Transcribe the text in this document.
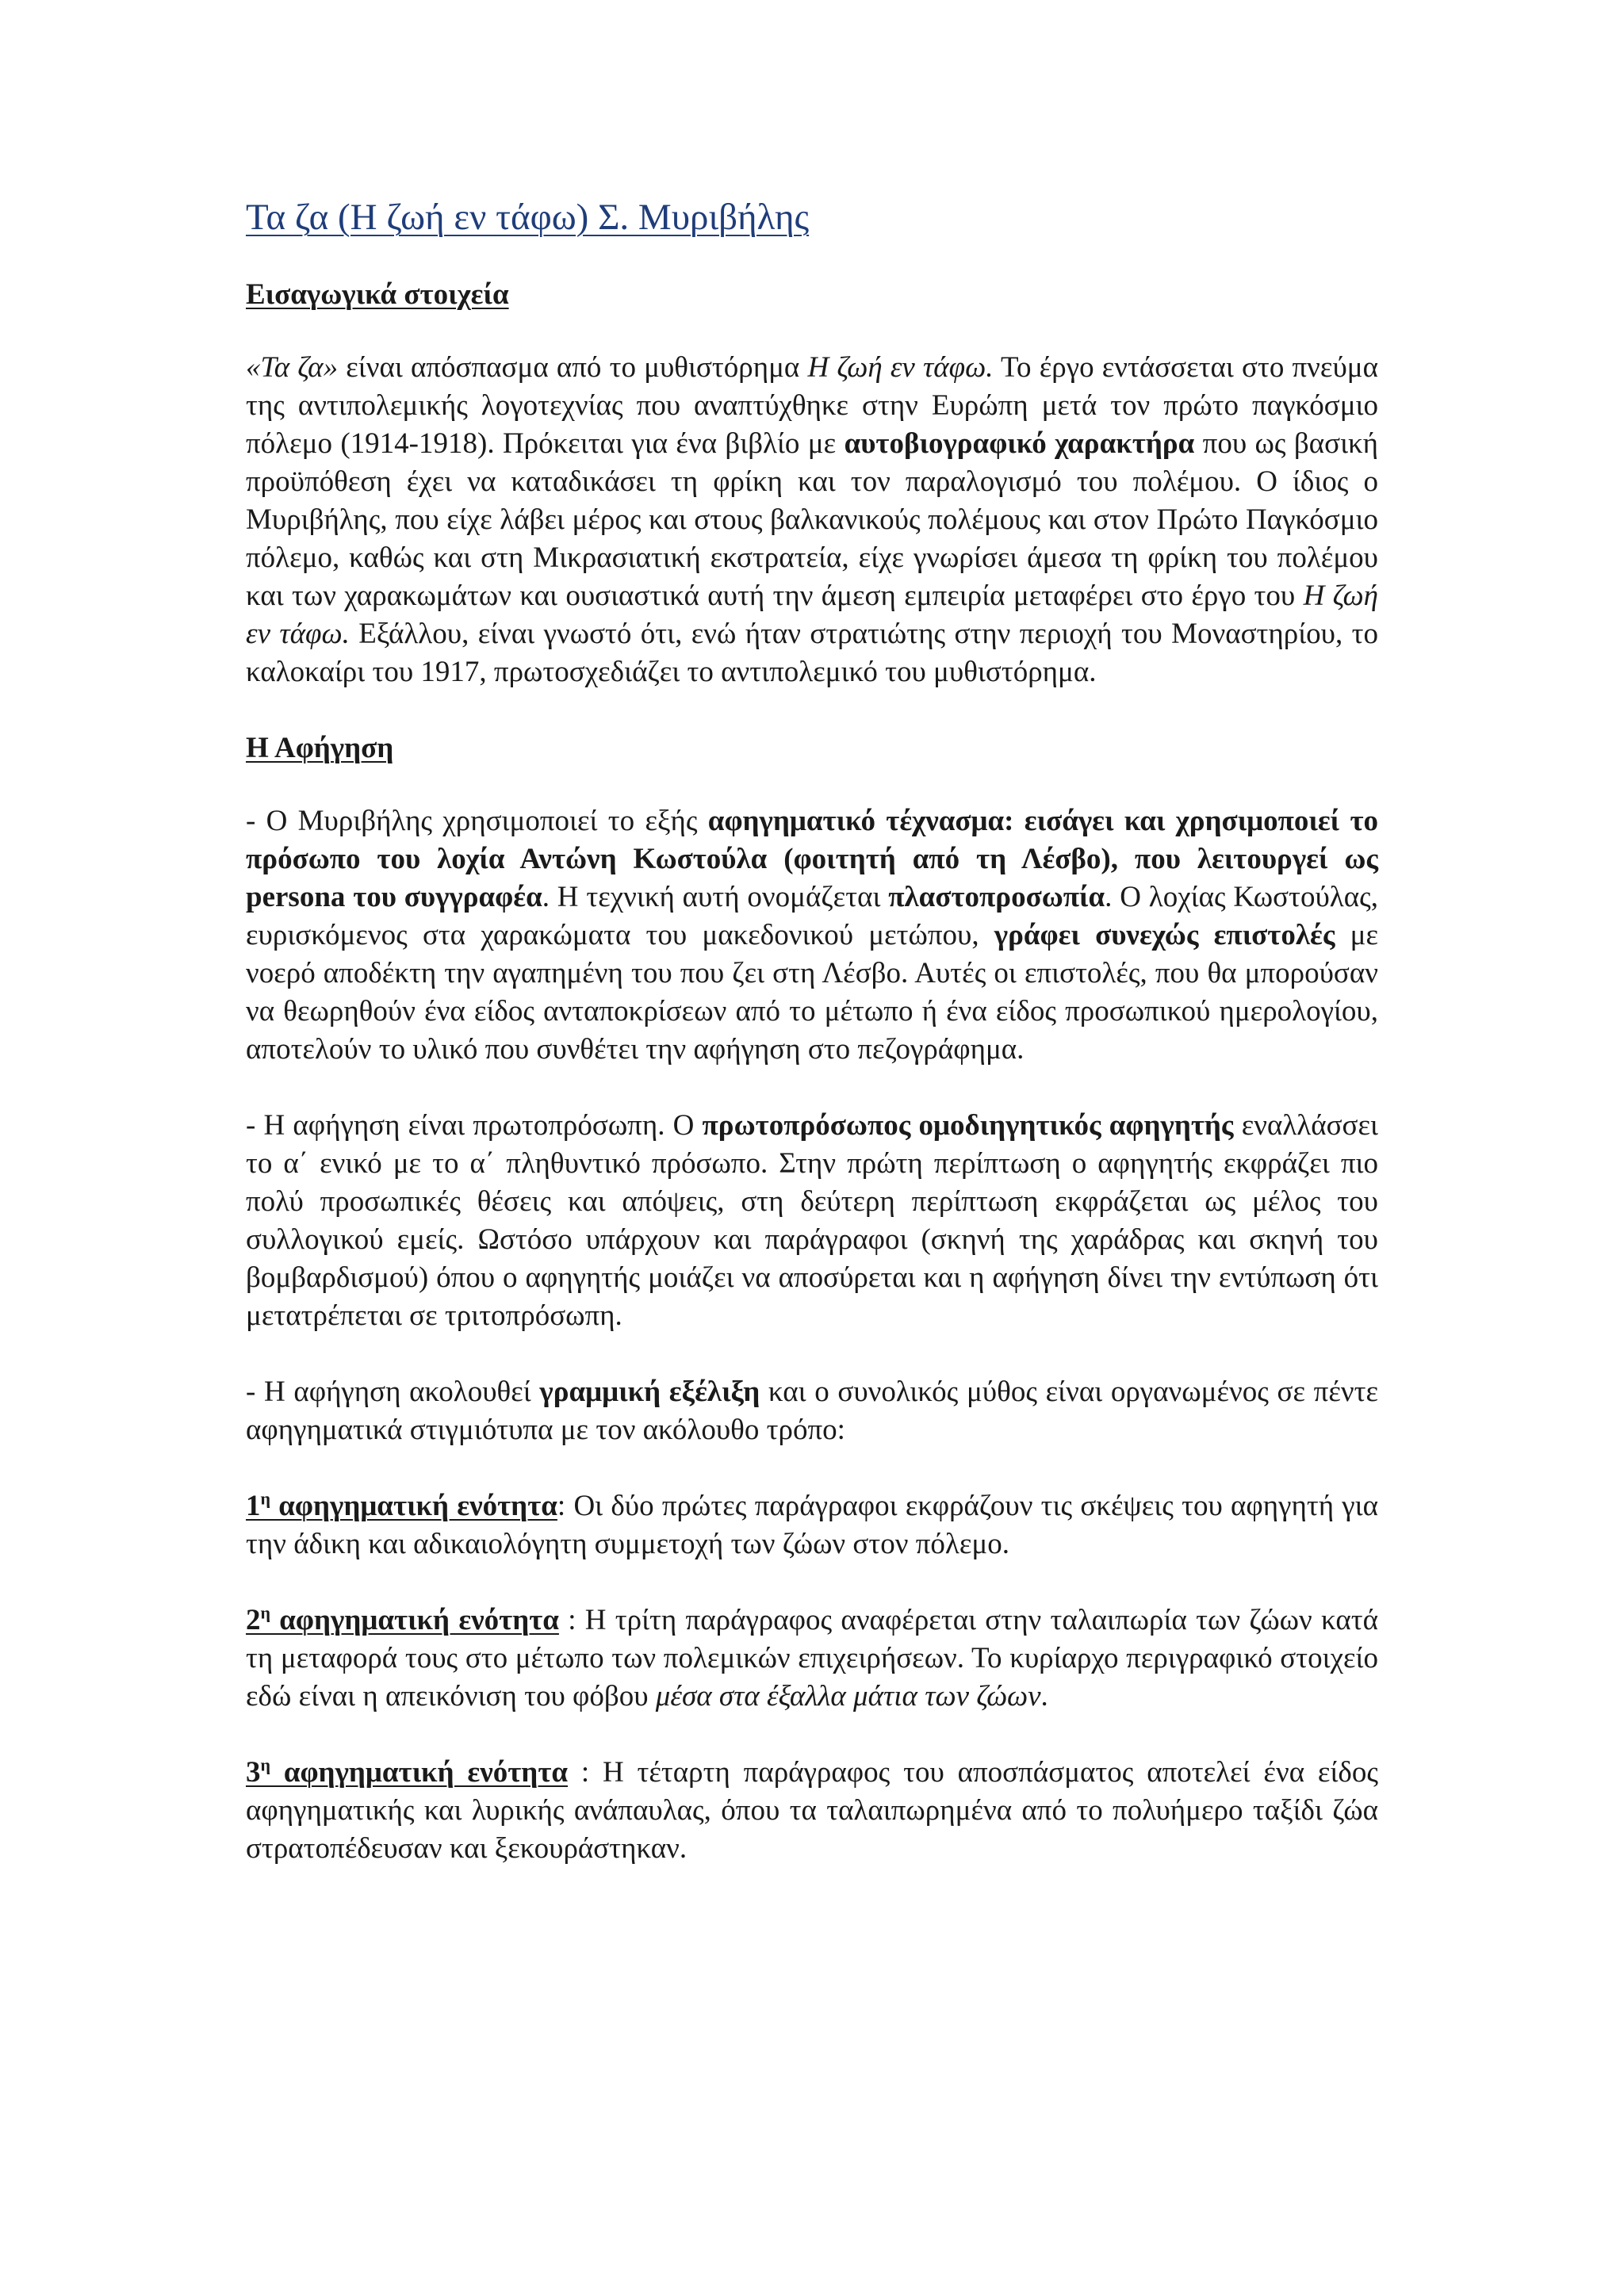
Τα ζα (Η ζωή εν τάφω) Σ. Μυριβήλης
Εισαγωγικά στοιχεία

«Τα ζα» είναι απόσπασμα από το μυθιστόρημα Η ζωή εν τάφω. Το έργο εντάσσεται στο πνεύμα της αντιπολεμικής λογοτεχνίας που αναπτύχθηκε στην Ευρώπη μετά τον πρώτο παγκόσμιο πόλεμο (1914-1918). Πρόκειται για ένα βιβλίο με αυτοβιογραφικό χαρακτήρα που ως βασική προϋπόθεση έχει να καταδικάσει τη φρίκη και τον παραλογισμό του πολέμου. Ο ίδιος ο Μυριβήλης, που είχε λάβει μέρος και στους βαλκανικούς πολέμους και στον Πρώτο Παγκόσμιο πόλεμο, καθώς και στη Μικρασιατική εκστρατεία, είχε γνωρίσει άμεσα τη φρίκη του πολέμου και των χαρακωμάτων και ουσιαστικά αυτή την άμεση εμπειρία μεταφέρει στο έργο του Η ζωή εν τάφω. Εξάλλου, είναι γνωστό ότι, ενώ ήταν στρατιώτης στην περιοχή του Μοναστηρίου, το καλοκαίρι του 1917, πρωτοσχεδιάζει το αντιπολεμικό του μυθιστόρημα.

Η Αφήγηση

- Ο Μυριβήλης χρησιμοποιεί το εξής αφηγηματικό τέχνασμα: εισάγει και χρησιμοποιεί το πρόσωπο του λοχία Αντώνη Κωστούλα (φοιτητή από τη Λέσβο), που λειτουργεί ως persona του συγγραφέα. Η τεχνική αυτή ονομάζεται πλαστοπροσωπία. Ο λοχίας Κωστούλας, ευρισκόμενος στα χαρακώματα του μακεδονικού μετώπου, γράφει συνεχώς επιστολές με νοερό αποδέκτη την αγαπημένη του που ζει στη Λέσβο. Αυτές οι επιστολές, που θα μπορούσαν να θεωρηθούν ένα είδος ανταποκρίσεων από το μέτωπο ή ένα είδος προσωπικού ημερολογίου, αποτελούν το υλικό που συνθέτει την αφήγηση στο πεζογράφημα.

- Η αφήγηση είναι πρωτοπρόσωπη. Ο πρωτοπρόσωπος ομοδιηγητικός αφηγητής εναλλάσσει το α΄ ενικό με το α΄ πληθυντικό πρόσωπο. Στην πρώτη περίπτωση ο αφηγητής εκφράζει πιο πολύ προσωπικές θέσεις και απόψεις, στη δεύτερη περίπτωση εκφράζεται ως μέλος του συλλογικού εμείς. Ωστόσο υπάρχουν και παράγραφοι (σκηνή της χαράδρας και σκηνή του βομβαρδισμού) όπου ο αφηγητής μοιάζει να αποσύρεται και η αφήγηση δίνει την εντύπωση ότι μετατρέπεται σε τριτοπρόσωπη.

- Η αφήγηση ακολουθεί γραμμική εξέλιξη και ο συνολικός μύθος είναι οργανωμένος σε πέντε αφηγηματικά στιγμιότυπα με τον ακόλουθο τρόπο:

$1^\eta$ αφηγηματική ενότητα: Οι δύο πρώτες παράγραφοι εκφράζουν τις σκέψεις του αφηγητή για την άδικη και αδικαιολόγητη συμμετοχή των ζώων στον πόλεμο.

$2^\eta$ αφηγηματική ενότητα : Η τρίτη παράγραφος αναφέρεται στην ταλαιπωρία των ζώων κατά τη μεταφορά τους στο μέτωπο των πολεμικών επιχειρήσεων. Το κυρίαρχο περιγραφικό στοιχείο εδώ είναι η απεικόνιση του φόβου μέσα στα έξαλλα μάτια των ζώων.

$3^\eta$ αφηγηματική ενότητα : Η τέταρτη παράγραφος του αποσπάσματος αποτελεί ένα είδος αφηγηματικής και λυρικής ανάπαυλας, όπου τα ταλαιπωρημένα από το πολυήμερο ταξίδι ζώα στρατοπέδευσαν και ξεκουράστηκαν.
